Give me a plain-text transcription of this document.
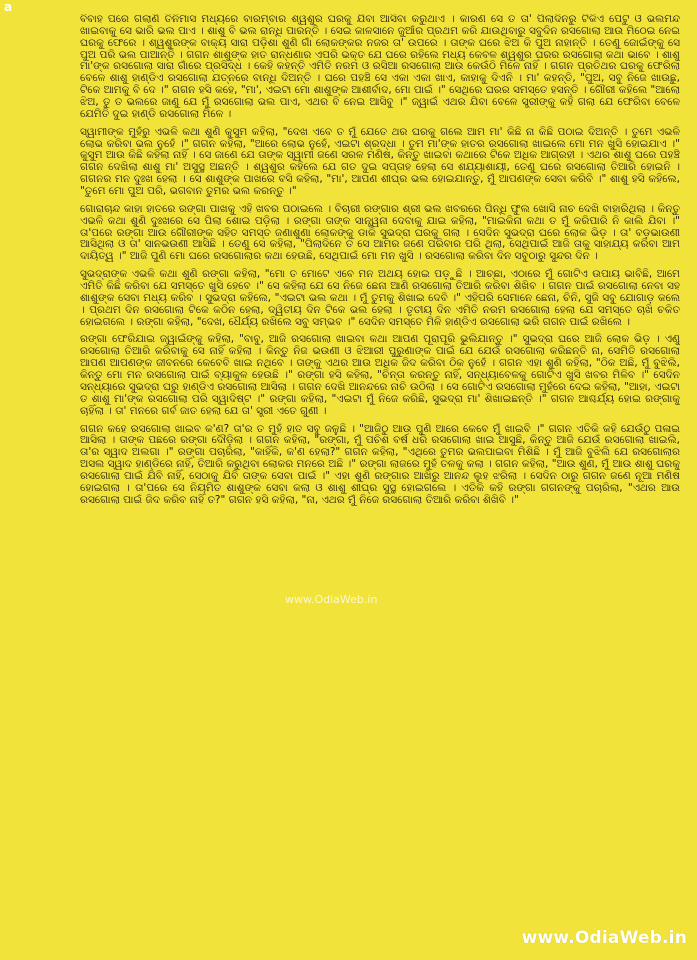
a

ବିବାହ ପରେ ଗଲାଣି ତିନିମାସ ମଧ୍ୟରେ ବାରମ୍ବାର ଶ୍ୱଶୁର ଘରକୁ ଯିବା ଆସିବା କରୁଥାଏ । କାରଣ ସେ ତ ତା' ପିଲାଦିନରୁ ଟିକିଏ ପେଟୁ ଓ ଭଲମନ୍ଦ ଖାଇବାକୁ ସେ ଭାରି ଭଲ ପାଏ । ଶାଶୁ ବି ଭଲ ରାନ୍ଧି ପାରନ୍ତି । ସେଇ କାଳସାନେ ଜୁଆଁର ପ୍ରଥମ କରି ଯାଉଥିବାରୁ ସବୁଦିନ ରସଗୋଲା ଆଉ ମିଠେଇ ନେଇ ଘରକୁ ଫେରେ । ଶ୍ୱଶୁରଙ୍କ ବାକ୍ୟ ସାରା ପଡ଼ିଶା ଶୁଣି ଗାଁ ଲୋକଙ୍କର ନଜର ତା' ଉପରେ । ତାଙ୍କ ଘରେ ଝିଅ କି ପୁଅ ନାହାନ୍ତି । ତେଣୁ ଜୋଇଁଙ୍କୁ ସେ ପୁଅ ପରି ଭଲ ପାଆନ୍ତି । ଗଗନ ଶାଶୁଙ୍କ ହାତ ରାନ୍ଧଣାର ଏପରି ଭକ୍ତ ଯେ ଘରେ ରହିଲେ ମଧ୍ୟ କେବଳ ଶ୍ୱଶୁର ଘରର ରସଗୋଲା କଥା ଭାବେ । ଶାଶୁ ମା'ଙ୍କ ରସଗୋଲା ସାରା ଗାଁରେ ପ୍ରସିଦ୍ଧ । କେହି କହନ୍ତି ଏମିତି ନରମ ଓ ରସିଆ ରସଗୋଲା ଆଉ କେଉଁଠି ମିଳେ ନାହିଁ । ଗଗନ ପ୍ରତିଥର ଘରକୁ ଫେରିଲା ବେଳେ ଶାଶୁ ହାଣ୍ଡିଏ ରସଗୋଲା ଯତ୍ନରେ ବାନ୍ଧି ଦିଅନ୍ତି । ଘରେ ପହଞ୍ଚି ସେ ଏକା ଏକା ଖାଏ, କାହାକୁ ଦିଏନି । ମା' କହନ୍ତି, "ପୁଅ, ସବୁ ନିଜେ ଖାଉଛୁ, ଟିକେ ଆମକୁ ବି ଦେ ।" ଗଗନ ହସି କହେ, "ମା', ଏଇଟା ମୋ ଶାଶୁଙ୍କ ଆଶୀର୍ବାଦ, ମୋ ପାଇଁ ।" ସେଥିରେ ଘରର ସମସ୍ତେ ହସନ୍ତି । ଗୌରୀ କହିଲେ "ଆଲୋ ଝିଅ, ତୁ ତ ଭଲରେ ଜାଣୁ ଯେ ମୁଁ ରସଗୋଲା ଭଲ ପାଏ, ଏଥର ବି ନେଇ ଆସିବୁ ।" ଜ୍ୱାଇଁ ଏଥର ଯିବା ବେଳେ ସ୍ତ୍ରୀଙ୍କୁ କହି ଗଲା ଯେ ଫେରିବା ବେଳେ ଯେମିତି ଦୁଇ ହାଣ୍ଡି ରସଗୋଲା ମିଳେ ।

ସ୍ୱାମୀଙ୍କ ମୁହଁରୁ ଏଭଳି କଥା ଶୁଣି କୁସୁମ କହିଲା, "ଦେଖ ଏବେ ତ ମୁଁ ଯେତେ ଥର ଘରକୁ ଗଲେ ଆମ ମା' କିଛି ନା କିଛି ପଠାଇ ଦିଅନ୍ତି । ତୁମେ ଏଭଳି ଲୋଭ କରିବା ଭଲ ନୁହେଁ ।" ଗଗନ କହିଲା, "ଆରେ ଲୋଭ ନୁହେଁ, ଏଇଟା ଶ୍ରଦ୍ଧା । ତୁମ ମା'ଙ୍କ ହାତର ରସଗୋଲା ଖାଇଲେ ମୋ ମନ ଖୁସି ହୋଇଯାଏ ।" କୁସୁମ ଆଉ କିଛି କହିଲା ନାହିଁ । ସେ ଜାଣେ ଯେ ତାଙ୍କ ସ୍ୱାମୀ ଜଣେ ସରଳ ମଣିଷ, କିନ୍ତୁ ଖାଇବା କଥାରେ ଟିକେ ଅଧିକ ଆଗ୍ରହୀ । ଏଥର ଶାଶୁ ଘରେ ପହଞ୍ଚି ଗଗନ ଦେଖିଲା ଶାଶୁ ମା' ଅସୁସ୍ଥ ଅଛନ୍ତି । ଶ୍ୱଶୁର କହିଲେ ଯେ ଗତ ଦୁଇ ସପ୍ତାହ ହେଲା ସେ ଶଯ୍ୟାଶାୟୀ, ତେଣୁ ଘରେ ରସଗୋଲା ତିଆରି ହୋଇନି । ଗଗନର ମନ ଦୁଃଖ ହେଲା । ସେ ଶାଶୁଙ୍କ ପାଖରେ ବସି କହିଲା, "ମା', ଆପଣ ଶୀଘ୍ର ଭଲ ହୋଇଯାନ୍ତୁ, ମୁଁ ଆପଣଙ୍କ ସେବା କରିବି ।" ଶାଶୁ ହସି କହିଲେ, "ତୁମେ ମୋ ପୁଅ ପରି, ଭଗବାନ ତୁମର ଭଲ କରନ୍ତୁ ।"

ଗୋରାଚାନ୍ଦ କାହା ହାତରେ ରଙ୍ଗା ପାଖକୁ ଏହି ଖବର ପଠାଇଲେ । ବିଚାରୀ ରଙ୍ଗାର ଶ୍ରୀ ଭଲ ଖବରରେ ପିନ୍ଧି ଫୁଲ ଖୋସି ନାଚ ଦେଖି ବାହାରିଥିଲା । କିନ୍ତୁ ଏଭଳି କଥା ଶୁଣି ଦୁଃଖରେ ସେ ପିଲା ଶୋଇ ପଡ଼ିଲା । ରଙ୍ଗା ତାଙ୍କ ସାନ୍ତ୍ୱନା ଦେବାକୁ ଯାଇ କହିଲା, "ମାଇକିନା କଥା ତ ମୁଁ କରିପାରି ନି କାଲି ଯିବା ।" ତା'ପରେ ରଙ୍ଗା ଆଉ ଗୌରୀଙ୍କ ସହିତ ସମସ୍ତ ଜଣାଶୁଣା ଲୋକଙ୍କୁ ଡାକି ସୁଭଦ୍ରା ଘରକୁ ଗଲା । ସେଦିନ ସୁଭଦ୍ରା ଘରେ ଲୋକ ଭିଡ଼ । ତା' ବଡ଼ଭାଉଣୀ ଆସିଥିଲା ଓ ତା' ସାନଭଉଣୀ ଆସିଛି । ତେଣୁ ସେ କହିଲା, "ପିଲାଦିନେ ତ ସେ ଆମର ଜଣେ ପରିବାର ପରି ଥିଲା, ସେଥିପାଇଁ ଆଜି ତାକୁ ସାହାଯ୍ୟ କରିବା ଆମ ଦାୟିତ୍ୱ ।" ଆଜି ପୁଣି ମୋ ଘରେ ରସଗୋଲାର କଥା ହେଉଛି, ସେଥିପାଇଁ ମୋ ମନ ଖୁସି । ରସଗୋଲା କରିବା ଦିନ ସବୁଠାରୁ ସୁନ୍ଦର ଦିନ ।

ସୁଭଦ୍ରାଙ୍କ ଏଭଳି କଥା ଶୁଣି ରଙ୍ଗା କହିଲା, "ମୋ ତ ମୋଟେ ଏବେ ମନ ଅଥୟ ହୋଇ ପଡ଼ୁଛି । ଆଚ୍ଛା, ଏଠାରେ ମୁଁ ଗୋଟିଏ ଉପାୟ ଭାବିଛି, ଆମେ ଏମିତି କିଛି କରିବା ଯେ ସମସ୍ତେ ଖୁସି ହେବେ ।" ସେ କହିଲା ଯେ ସେ ନିଜେ ଛେନା ଆଣି ରସଗୋଲା ତିଆରି କରିବା ଶିଖିବ । ଗଗନ ପାଇଁ ରସଗୋଲା ନେବା ସହ ଶାଶୁଙ୍କ ସେବା ମଧ୍ୟ କରିବ । ସୁଭଦ୍ରା କହିଲେ, "ଏଇଟା ଭଲ କଥା । ମୁଁ ତୁମକୁ ଶିଖାଇ ଦେବି ।" ଏହିପରି ସେମାନେ ଛେନା, ଚିନି, ସୁଜି ସବୁ ଯୋଗାଡ଼ କଲେ । ପ୍ରଥମ ଦିନ ରସଗୋଲା ଟିକେ କଠିନ ହେଲା, ଦ୍ୱିତୀୟ ଦିନ ଟିକେ ଭଲ ହେଲା । ତୃତୀୟ ଦିନ ଏମିତି ନରମ ରସଗୋଲା ହେଲା ଯେ ସମସ୍ତେ ଚାଖି ଚକିତ ହୋଇଗଲେ । ରଙ୍ଗା କହିଲା, "ଦେଖ, ଧୈର୍ଯ୍ୟ ରଖିଲେ ସବୁ ସମ୍ଭବ ।" ସେଦିନ ସମସ୍ତେ ମିଳି ହାଣ୍ଡିଏ ରସଗୋଲା ଭରି ଗଗନ ପାଇଁ ରଖିଲେ ।

ରଙ୍ଗା ଫେରିଯାଇ ଜ୍ୱାଇଁଙ୍କୁ କହିଲା, "ବାବୁ, ଆଜି ରସଗୋଲା ଖାଇବା କଥା ଆପଣ ପୂରାପୂରି ଭୁଲିଯାନ୍ତୁ ।" ସୁଭଦ୍ରା ଘରେ ଆଜି ଲୋକ ଭିଡ଼ । ଏଣୁ ରସଗୋଲା ତିଆରି କରିବାକୁ ସେ ନାହିଁ କହିଲା । କିନ୍ତୁ ନିଜ ଭଉଣୀ ଓ ଝିଆରୀ ପୁରୁଣାଙ୍କ ପାଇଁ ଯେ ଯେଉଁ ରସଗୋଲା କରିଛନ୍ତି ନା, ସେମିତି ରସଗୋଲା ଆପଣ ଆପଣଙ୍କ ଜୀବନରେ କେବେବି ଖାଇ ନଥିବେ । ତାଙ୍କୁ ଏଥର ଆଉ ଅଧିକ ଜିଦ କରିବା ଠିକ ନୁହେଁ । ଗଗନ ଏହା ଶୁଣି କହିଲା, "ଠିକ ଅଛି, ମୁଁ ବୁଝିଲି, କିନ୍ତୁ ମୋ ମନ ରସଗୋଲା ପାଇଁ ବ୍ୟାକୁଳ ହେଉଛି ।" ରଙ୍ଗା ହସି କହିଲା, "ଚିନ୍ତା କରନ୍ତୁ ନାହିଁ, ସନ୍ଧ୍ୟାବେଳକୁ ଗୋଟିଏ ଖୁସି ଖବର ମିଳିବ ।" ସେଦିନ ସନ୍ଧ୍ୟାରେ ସୁଭଦ୍ରା ଘରୁ ହାଣ୍ଡିଏ ରସଗୋଲା ଆସିଲା । ଗଗନ ଦେଖି ଆନନ୍ଦରେ ନାଚି ଉଠିଲା । ସେ ଗୋଟିଏ ରସଗୋଲା ମୁହଁରେ ଦେଇ କହିଲା, "ଆହା, ଏଇଟା ତ ଶାଶୁ ମା'ଙ୍କ ରସଗୋଲା ପରି ସ୍ୱାଦିଷ୍ଟ ।" ରଙ୍ଗା କହିଲା, "ଏଇଟା ମୁଁ ନିଜେ କରିଛି, ସୁଭଦ୍ରା ମା' ଶିଖାଇଛନ୍ତି ।" ଗଗନ ଆଶ୍ଚର୍ଯ୍ୟ ହୋଇ ରଙ୍ଗାକୁ ଚାହିଁଲା । ତା' ମନରେ ଗର୍ବ ଜାତ ହେଲା ଯେ ତା' ସ୍ତ୍ରୀ ଏତେ ଗୁଣୀ ।

ଗଗନ କହେ ରସଗୋଲା ଖାଇବ କ'ଣ? ତା'ର ତ ମୁହଁ ହାତ ସବୁ ଜଳୁଛି । "ଆଜିଠୁ ଆଉ ପୁଣି ଆରେ କେବେ ମୁଁ ଖାଇବି ।" ଗଗନ ଏତିକି କହି ଯେଉଁଠୁ ପଳାଇ ଆସିଲା । ତାଙ୍କ ପଛରେ ରଙ୍ଗା ଦୌଡ଼ିଲା । ଗଗନ କହିଲା, "ରଙ୍ଗା, ମୁଁ ପଚିଶ ବର୍ଷ ଧରି ରସଗୋଲା ଖାଇ ଆସୁଛି, କିନ୍ତୁ ଆଜି ଯେଉଁ ରସଗୋଲା ଖାଇଲି, ତା'ର ସ୍ୱାଦ ଅଲଗା ।" ରଙ୍ଗା ପଚାରିଲା, "କାହିଁକି, କ'ଣ ହେଲା?" ଗଗନ କହିଲା, "ଏଥିରେ ତୁମର ଭଲପାଇବା ମିଶିଛି । ମୁଁ ଆଜି ବୁଝିଲି ଯେ ରସଗୋଲାର ଅସଲ ସ୍ୱାଦ ହାଣ୍ଡିରେ ନାହିଁ, ତିଆରି କରୁଥିବା ଲୋକର ମନରେ ଅଛି ।" ରଙ୍ଗା ଲାଜରେ ମୁହଁ ତଳକୁ କଲା । ଗଗନ କହିଲା, "ଆଉ ଶୁଣ, ମୁଁ ଆଉ ଶାଶୁ ଘରକୁ ରସଗୋଲା ପାଇଁ ଯିବି ନାହିଁ, ସେଠାକୁ ଯିବି ତାଙ୍କ ସେବା ପାଇଁ ।" ଏହା ଶୁଣି ରଙ୍ଗାର ଆଖିରୁ ଆନନ୍ଦ ଲୁହ ଝରିଲା । ସେଦିନ ଠାରୁ ଗଗନ ଜଣେ ନୂଆ ମଣିଷ ହୋଇଗଲା । ତା'ପରେ ସେ ନିୟମିତ ଶାଶୁଙ୍କ ସେବା କଲା ଓ ଶାଶୁ ଶୀଘ୍ର ସୁସ୍ଥ ହୋଇଗଲେ । ଏତିକି କହି ରଙ୍ଗା ଗଗନଙ୍କୁ ପଚାରିଲା, "ଏଥର ଆଉ ରସଗୋଲା ପାଇଁ ଜିଦ କରିବ ନାହିଁ ତ?" ଗଗନ ହସି କହିଲା, "ନା, ଏଥର ମୁଁ ନିଜେ ରସଗୋଲା ତିଆରି କରିବା ଶିଖିବି ।"

www.OdiaWeb.in
www.OdiaWeb.in
